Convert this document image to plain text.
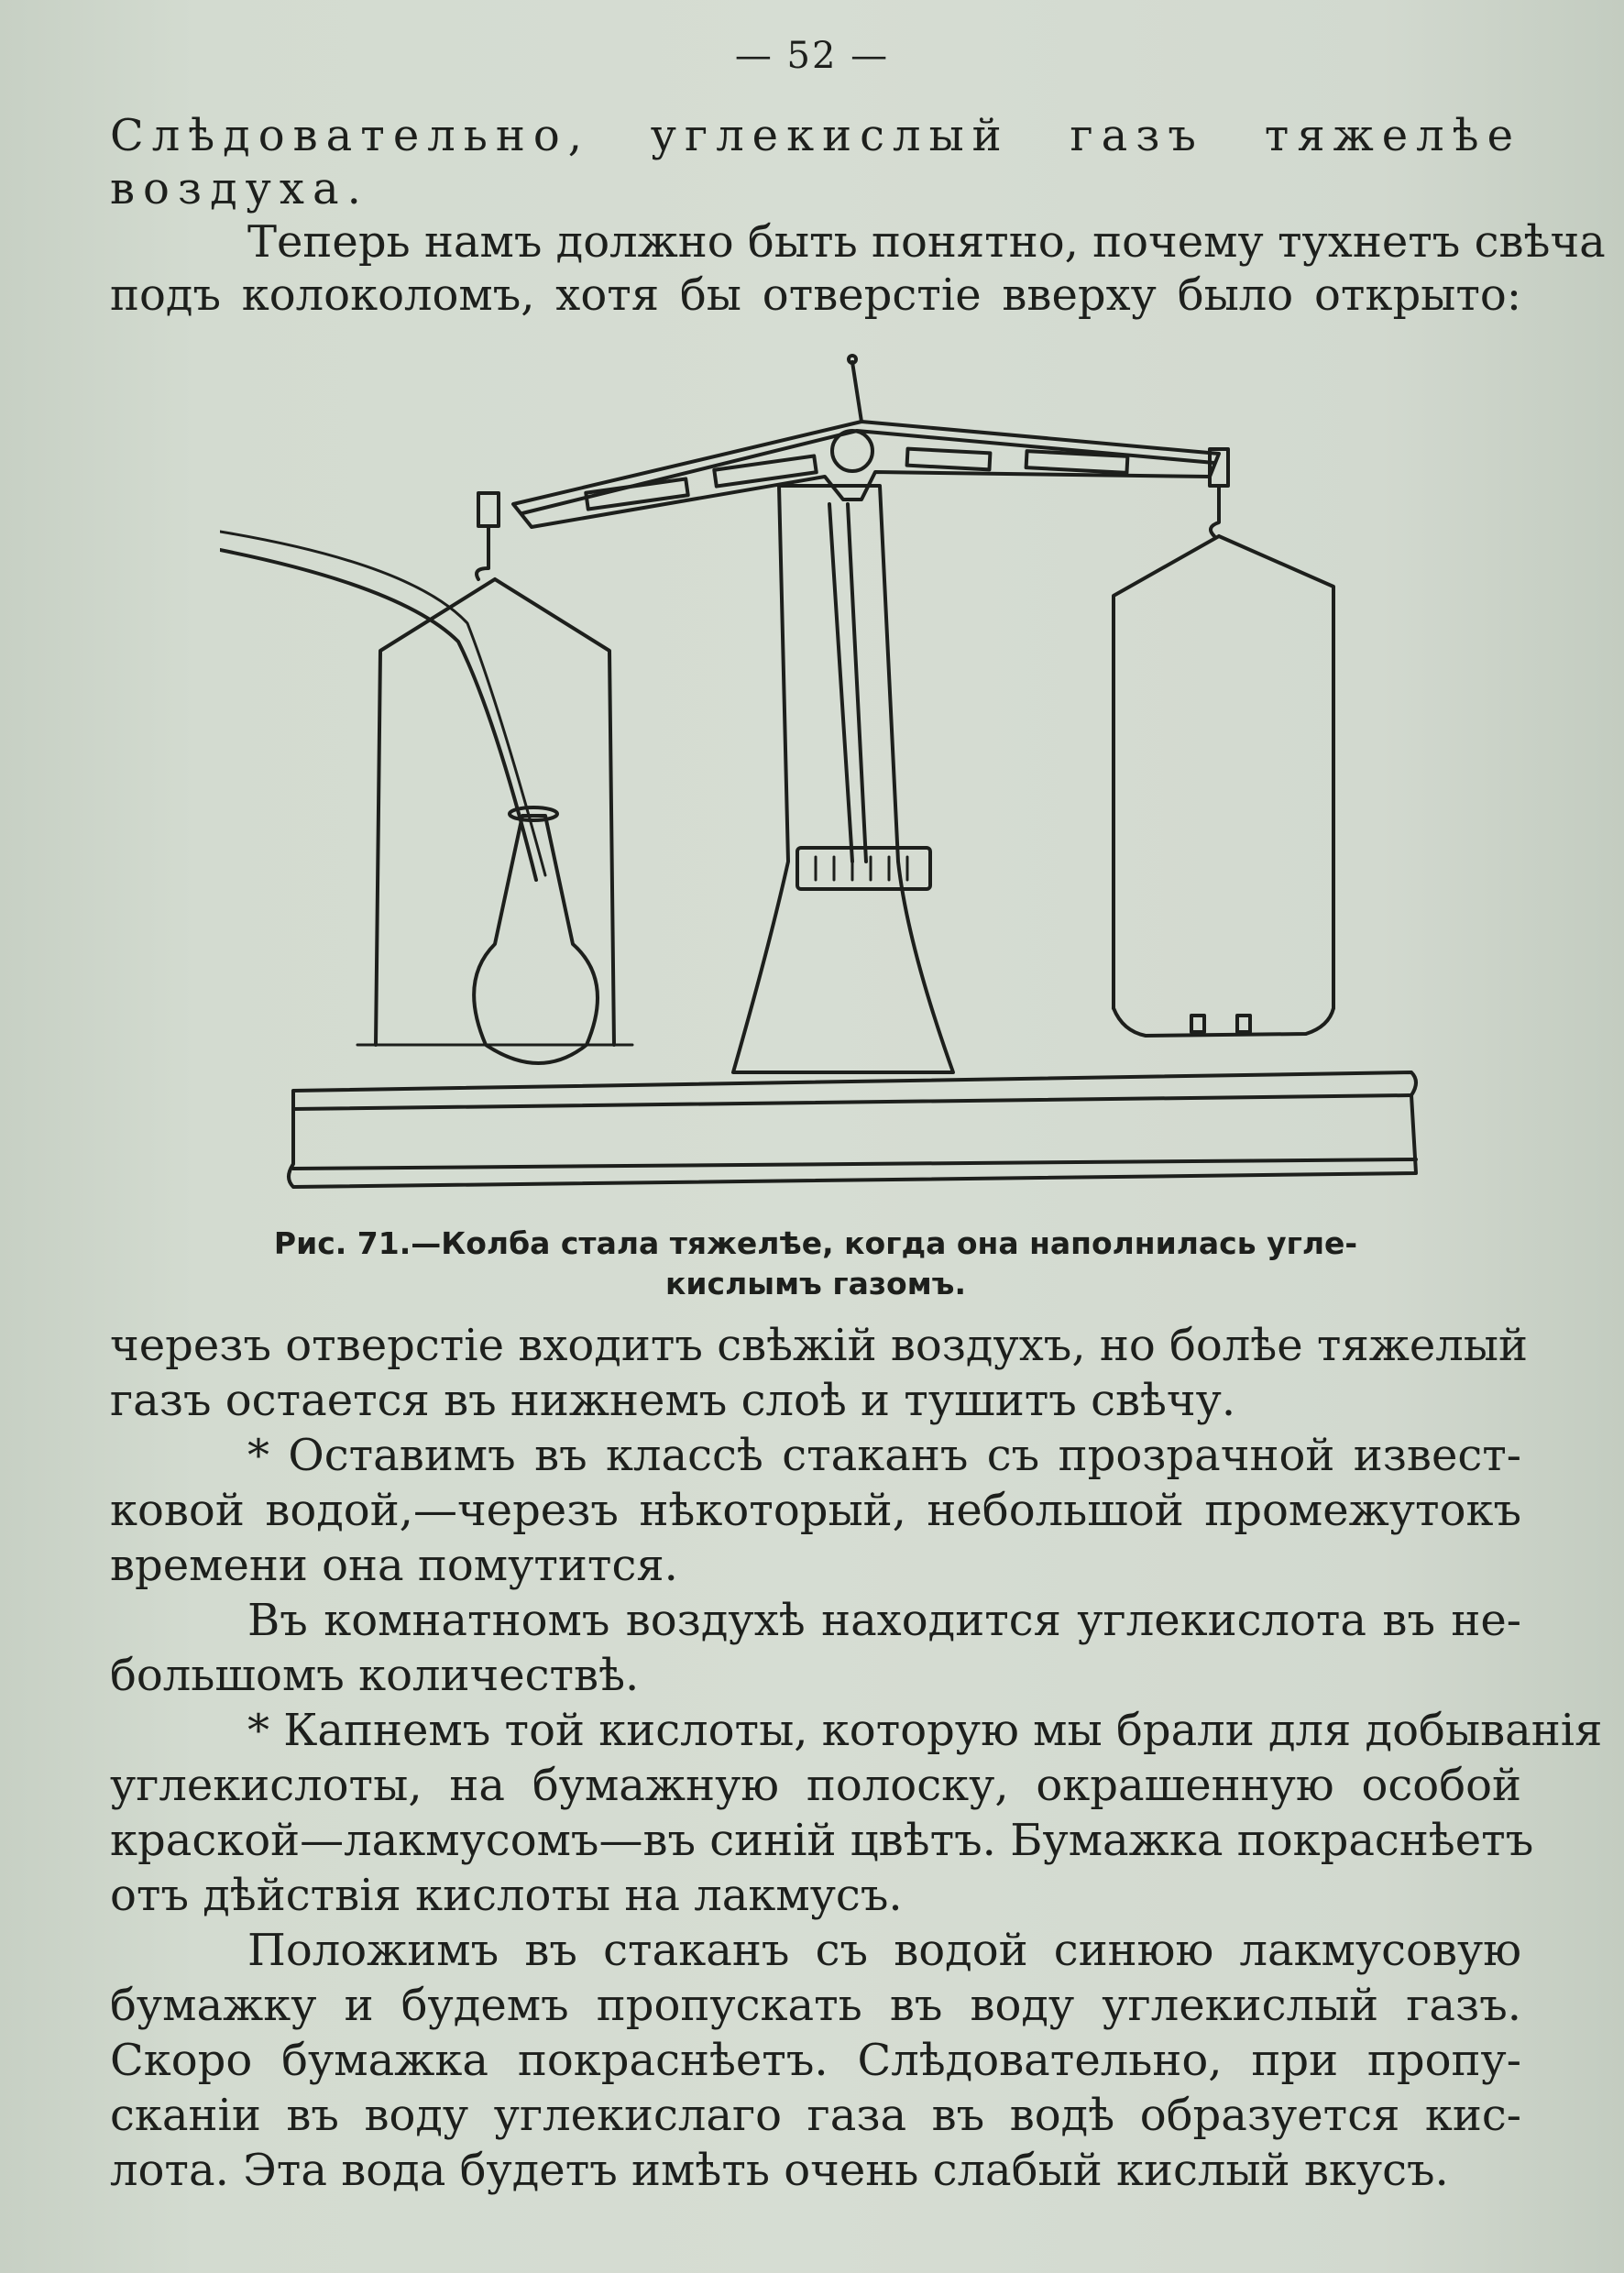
— 52 —
Слѣдовательно, углекислый газъ тяжелѣе
воздуха.
Теперь намъ должно быть понятно, почему тухнетъ свѣча
подъ колоколомъ, хотя бы отверстіе вверху было открыто:
Рис. 71.—Колба стала тяжелѣе, когда она наполнилась угле-
кислымъ газомъ.
черезъ отверстіе входитъ свѣжій воздухъ, но болѣе тяжелый
газъ остается въ нижнемъ слоѣ и тушитъ свѣчу.
* Оставимъ въ классѣ стаканъ съ прозрачной извест-
ковой водой,—черезъ нѣкоторый, небольшой промежутокъ
времени она помутится.
Въ комнатномъ воздухѣ находится углекислота въ не-
большомъ количествѣ.
* Капнемъ той кислоты, которую мы брали для добыванія
углекислоты, на бумажную полоску, окрашенную особой
краской—лакмусомъ—въ синій цвѣтъ. Бумажка покраснѣетъ
отъ дѣйствія кислоты на лакмусъ.
Положимъ въ стаканъ съ водой синюю лакмусовую
бумажку и будемъ пропускать въ воду углекислый газъ.
Скоро бумажка покраснѣетъ. Слѣдовательно, при пропу-
сканіи въ воду углекислаго газа въ водѣ образуется кис-
лота. Эта вода будетъ имѣть очень слабый кислый вкусъ.
